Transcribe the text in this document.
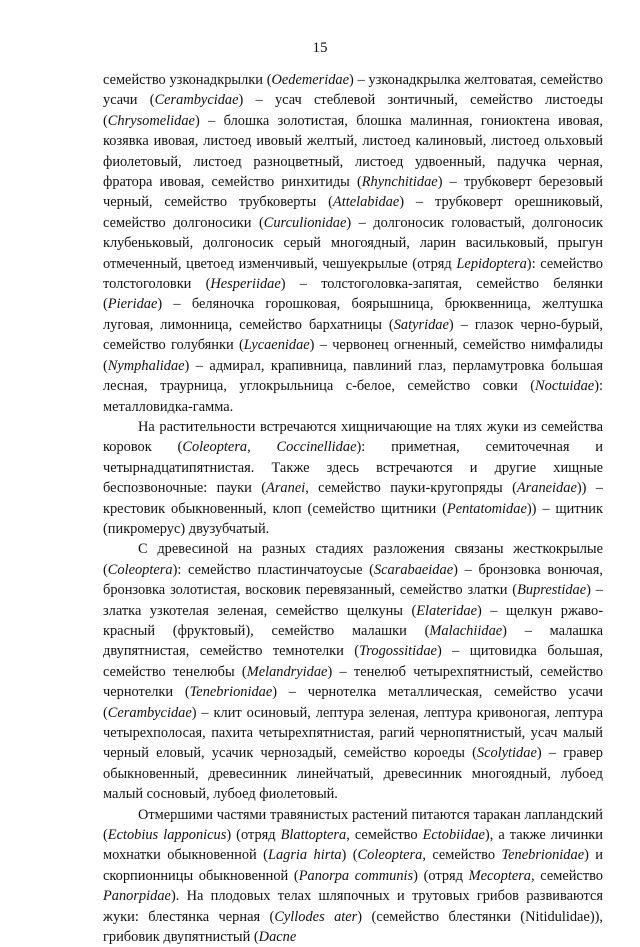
15

семейство узконадкрылки (Oedemeridae) – узконадкрылка желтоватая, семейство усачи (Cerambycidae) – усач стеблевой зонтичный, семейство листоеды (Chrysomelidae) – блошка золотистая, блошка малинная, гониоктена ивовая, козявка ивовая, листоед ивовый желтый, листоед калиновый, листоед ольховый фиолетовый, листоед разноцветный, листоед удвоенный, падучка черная, фратора ивовая, семейство ринхитиды (Rhynchitidae) – трубковерт березовый черный, семейство трубковерты (Attelabidae) – трубковерт орешниковый, семейство долгоносики (Curculionidae) – долгоносик головастый, долгоносик клубеньковый, долгоносик серый многоядный, ларин васильковый, прыгун отмеченный, цветоед изменчивый, чешуекрылые (отряд Lepidoptera): семейство толстоголовки (Hesperiidae) – толстоголовка-запятая, семейство белянки (Pieridae) – беляночка горошковая, боярышница, брюквенница, желтушка луговая, лимонница, семейство бархатницы (Satyridae) – глазок черно-бурый, семейство голубянки (Lycaenidae) – червонец огненный, семейство нимфалиды (Nymphalidae) – адмирал, крапивница, павлиний глаз, перламутровка большая лесная, траурница, углокрыльница с-белое, семейство совки (Noctuidae): металловидка-гамма.

На растительности встречаются хищничающие на тлях жуки из семейства коровок (Coleoptera, Coccinellidae): приметная, семиточечная и четырнадцатипятнистая. Также здесь встречаются и другие хищные беспозвоночные: пауки (Aranei, семейство пауки-кругопряды (Araneidae)) – крестовик обыкновенный, клоп (семейство щитники (Pentatomidae)) – щитник (пикромерус) двузубчатый.

С древесиной на разных стадиях разложения связаны жесткокрылые (Coleoptera): семейство пластинчатоусые (Scarabaeidae) – бронзовка вонючая, бронзовка золотистая, восковик перевязанный, семейство златки (Buprestidae) – златка узкотелая зеленая, семейство щелкуны (Elateridae) – щелкун ржаво-красный (фруктовый), семейство малашки (Malachiidae) – малашка двупятнистая, семейство темнотелки (Trogossitidae) – щитовидка большая, семейство тенелюбы (Melandryidae) – тенелюб четырехпятнистый, семейство чернотелки (Tenebrionidae) – чернотелка металлическая, семейство усачи (Cerambycidae) – клит осиновый, лептура зеленая, лептура кривоногая, лептура четырехполосая, пахита четырехпятнистая, рагий чернопятнистый, усач малый черный еловый, усачик чернозадый, семейство короеды (Scolytidae) – гравер обыкновенный, древесинник линейчатый, древесинник многоядный, лубоед малый сосновый, лубоед фиолетовый.

Отмершими частями травянистых растений питаются таракан лапландский (Ectobius lapponicus) (отряд Blattoptera, семейство Ectobiidae), а также личинки мохнатки обыкновенной (Lagria hirta) (Coleoptera, семейство Tenebrionidae) и скорпионницы обыкновенной (Panorpa communis) (отряд Mecoptera, семейство Panorpidae). На плодовых телах шляпочных и трутовых грибов развиваются жуки: блестянка черная (Cyllodes ater) (семейство блестянки (Nitidulidae)), грибовик двупятнистый (Dacne
